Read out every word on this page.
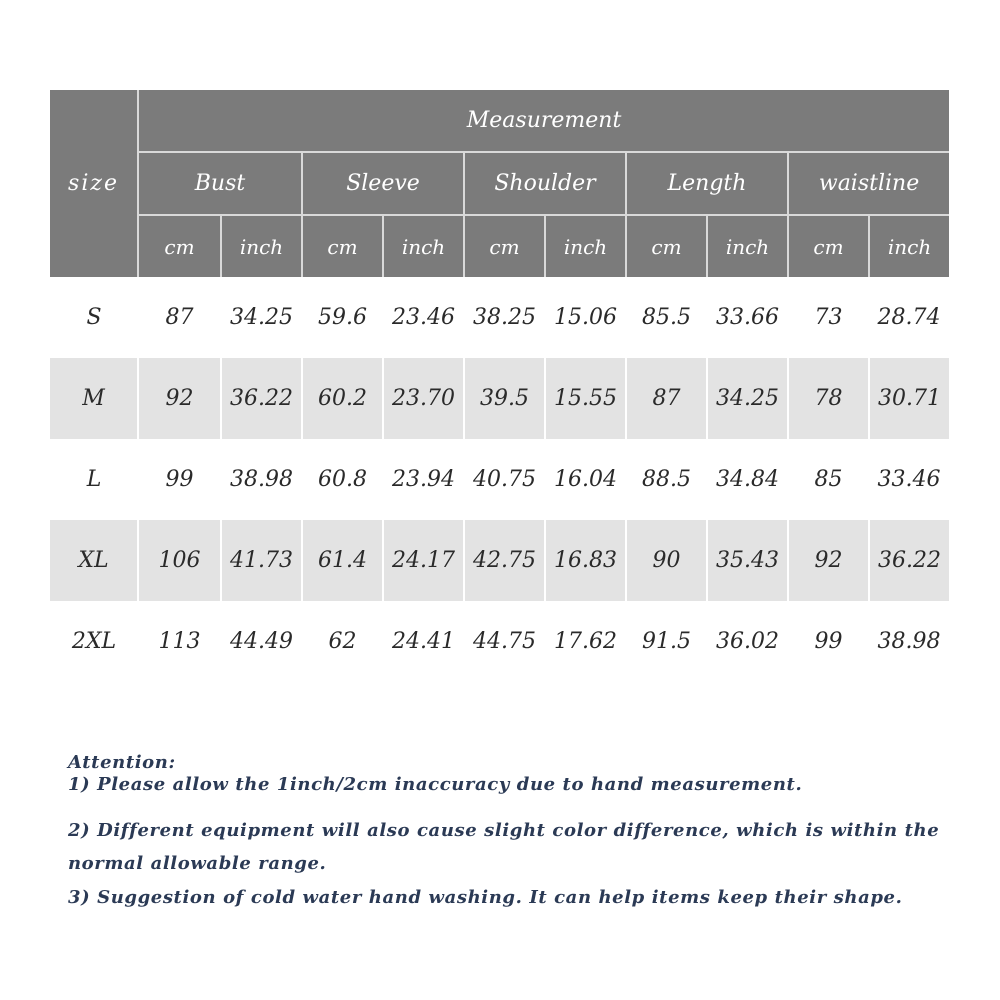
size	Measurement									
	Bust		Sleeve		Shoulder		Length		waistline	
	cm	inch	cm	inch	cm	inch	cm	inch	cm	inch
S	87	34.25	59.6	23.46	38.25	15.06	85.5	33.66	73	28.74
M	92	36.22	60.2	23.70	39.5	15.55	87	34.25	78	30.71
L	99	38.98	60.8	23.94	40.75	16.04	88.5	34.84	85	33.46
XL	106	41.73	61.4	24.17	42.75	16.83	90	35.43	92	36.22
2XL	113	44.49	62	24.41	44.75	17.62	91.5	36.02	99	38.98
Attention:
1) Please allow the 1inch/2cm inaccuracy due to hand measurement.
2) Different equipment will also cause slight color difference, which is within the normal allowable range.
3) Suggestion of cold water hand washing. It can help items keep their shape.
